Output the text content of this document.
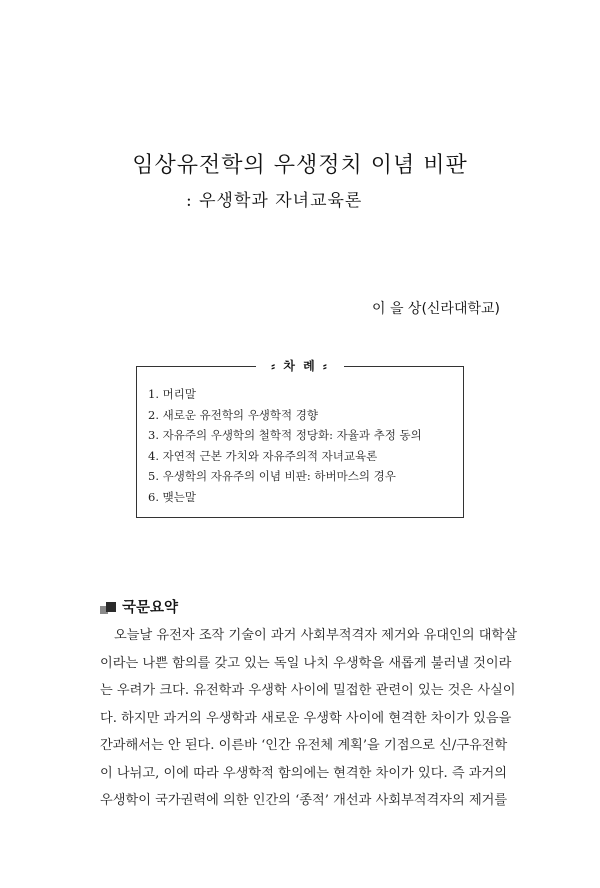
임상유전학의 우생정치 이념 비판
: 우생학과 자녀교육론
이 을 상(신라대학교)
⸗ 차 례 ⸗
1. 머리말
2. 새로운 유전학의 우생학적 경향
3. 자유주의 우생학의 철학적 정당화: 자율과 추정 동의
4. 자연적 근본 가치와 자유주의적 자녀교육론
5. 우생학의 자유주의 이념 비판: 하버마스의 경우
6. 맺는말
국문요약
오늘날 유전자 조작 기술이 과거 사회부적격자 제거와 유대인의 대학살
이라는 나쁜 함의를 갖고 있는 독일 나치 우생학을 새롭게 불러낼 것이라
는 우려가 크다. 유전학과 우생학 사이에 밀접한 관련이 있는 것은 사실이
다. 하지만 과거의 우생학과 새로운 우생학 사이에 현격한 차이가 있음을
간과해서는 안 된다. 이른바 ‘인간 유전체 계획’을 기점으로 신/구유전학
이 나뉘고, 이에 따라 우생학적 함의에는 현격한 차이가 있다. 즉 과거의
우생학이 국가권력에 의한 인간의 ‘종적’ 개선과 사회부적격자의 제거를
